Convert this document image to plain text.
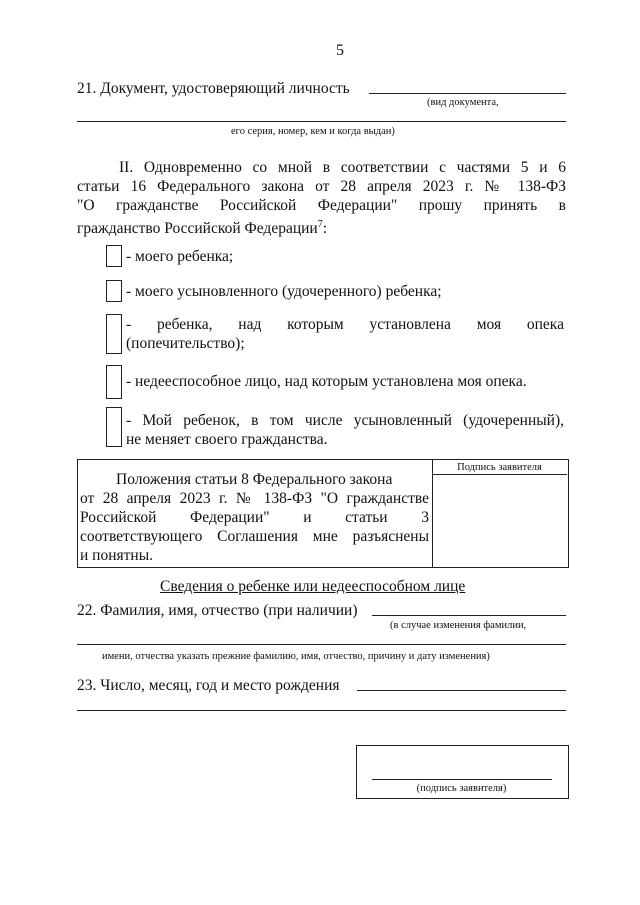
5
21. Документ, удостоверяющий личность
(вид документа,
его серия, номер, кем и когда выдан)
II. Одновременно со мной в соответствии с частями 5 и 6
статьи 16 Федерального закона от 28 апреля 2023 г. № 138-ФЗ
"О гражданстве Российской Федерации" прошу принять в
гражданство Российской Федерации$^7$:
- моего ребенка;
- моего усыновленного (удочеренного) ребенка;
- ребенка, над которым установлена моя опека
(попечительство);
- недееспособное лицо, над которым установлена моя опека.
- Мой ребенок, в том числе усыновленный (удочеренный),
не меняет своего гражданства.
Подпись заявителя
Положения статьи 8 Федерального закона
от 28 апреля 2023 г. № 138-ФЗ "О гражданстве
Российской Федерации" и статьи 3
соответствующего Соглашения мне разъяснены
и понятны.
Сведения о ребенке или недееспособном лице
22. Фамилия, имя, отчество (при наличии)
(в случае изменения фамилии,
имени, отчества указать прежние фамилию, имя, отчество, причину и дату изменения)
23. Число, месяц, год и место рождения
(подпись заявителя)
